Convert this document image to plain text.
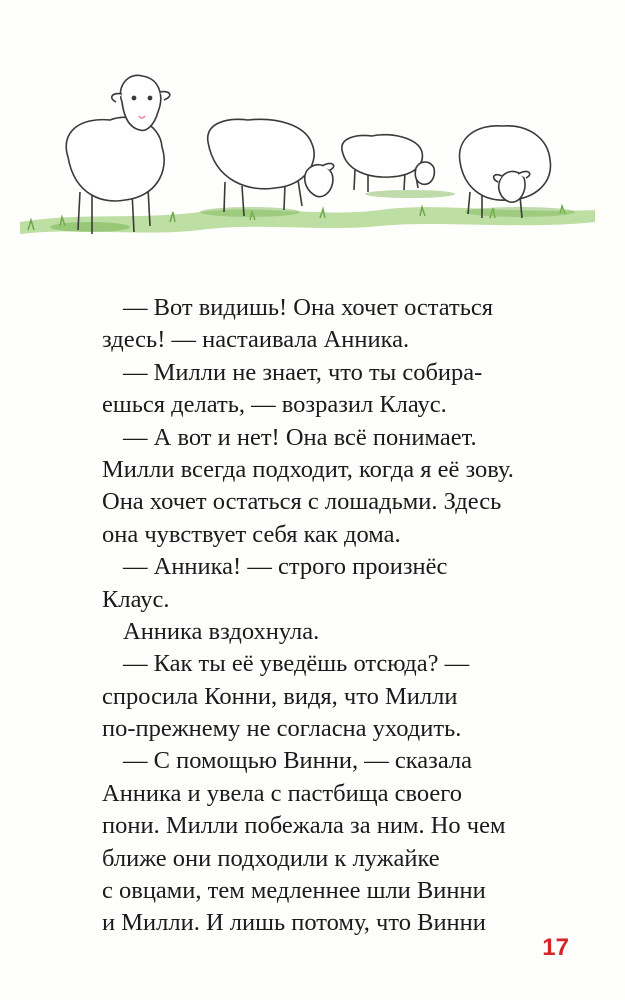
— Вот видишь! Она хочет остаться
здесь! — настаивала Анника.
— Милли не знает, что ты собира-
ешься делать, — возразил Клаус.
— А вот и нет! Она всё понимает.
Милли всегда подходит, когда я её зову.
Она хочет остаться с лошадьми. Здесь
она чувствует себя как дома.
— Анника! — строго произнёс
Клаус.
Анника вздохнула.
— Как ты её уведёшь отсюда? —
спросила Конни, видя, что Милли
по-прежнему не согласна уходить.
— С помощью Винни, — сказала
Анника и увела с пастбища своего
пони. Милли побежала за ним. Но чем
ближе они подходили к лужайке
с овцами, тем медленнее шли Винни
и Милли. И лишь потому, что Винни
17
